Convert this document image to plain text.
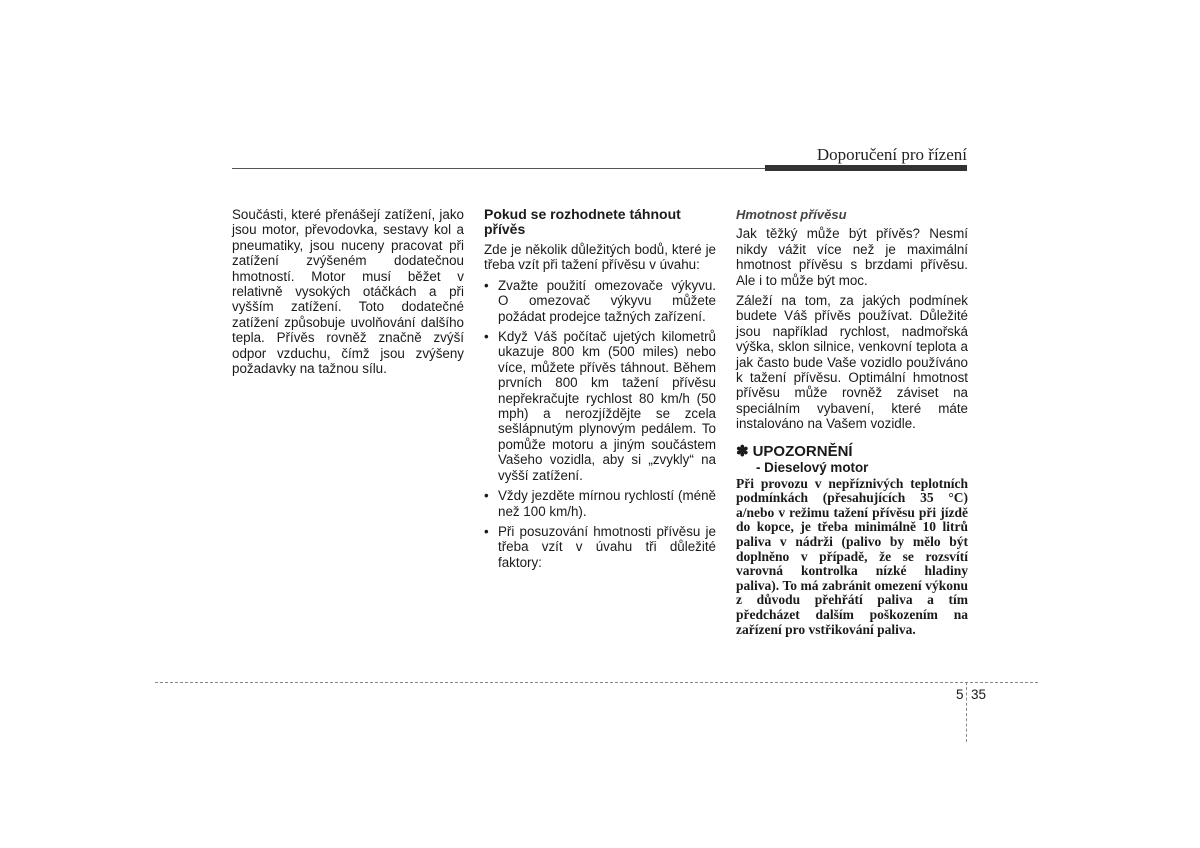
Doporučení pro řízení

Součásti, které přenášejí zatížení, jako jsou motor, převodovka, sestavy kol a pneumatiky, jsou nuceny pracovat při zatížení zvýšeném dodatečnou hmotností. Motor musí běžet v relativně vysokých otáčkách a při vyšším zatížení. Toto dodatečné zatížení způsobuje uvolňování dalšího tepla. Přívěs rovněž značně zvýší odpor vzduchu, čímž jsou zvýšeny požadavky na tažnou sílu.

Pokud se rozhodnete táhnout přívěs

Zde je několik důležitých bodů, které je třeba vzít při tažení přívěsu v úvahu:

• Zvažte použití omezovače výkyvu. O omezovač výkyvu můžete požádat prodejce tažných zařízení.
• Když Váš počítač ujetých kilometrů ukazuje 800 km (500 miles) nebo více, můžete přívěs táhnout. Během prvních 800 km tažení přívěsu nepřekračujte rychlost 80 km/h (50 mph) a nerozjíždějte se zcela sešlápnutým plynovým pedálem. To pomůže motoru a jiným součástem Vašeho vozidla, aby si „zvykly“ na vyšší zatížení.
• Vždy jezděte mírnou rychlostí (méně než 100 km/h).
• Při posuzování hmotnosti přívěsu je třeba vzít v úvahu tři důležité faktory:
Hmotnost přívěsu

Jak těžký může být přívěs? Nesmí nikdy vážit více než je maximální hmotnost přívěsu s brzdami přívěsu. Ale i to může být moc.

Záleží na tom, za jakých podmínek budete Váš přívěs používat. Důležité jsou například rychlost, nadmořská výška, sklon silnice, venkovní teplota a jak často bude Vaše vozidlo používáno k tažení přívěsu. Optimální hmotnost přívěsu může rovněž záviset na speciálním vybavení, které máte instalováno na Vašem vozidle.

✽ UPOZORNĚNÍ
- Dieselový motor
Při provozu v nepříznivých teplotních podmínkách (přesahujících 35 °C) a/nebo v režimu tažení přívěsu při jízdě do kopce, je třeba minimálně 10 litrů paliva v nádrži (palivo by mělo být doplněno v případě, že se rozsvítí varovná kontrolka nízké hladiny paliva). To má zabránit omezení výkonu z důvodu přehřátí paliva a tím předcházet dalším poškozením na zařízení pro vstřikování paliva.
5 35
